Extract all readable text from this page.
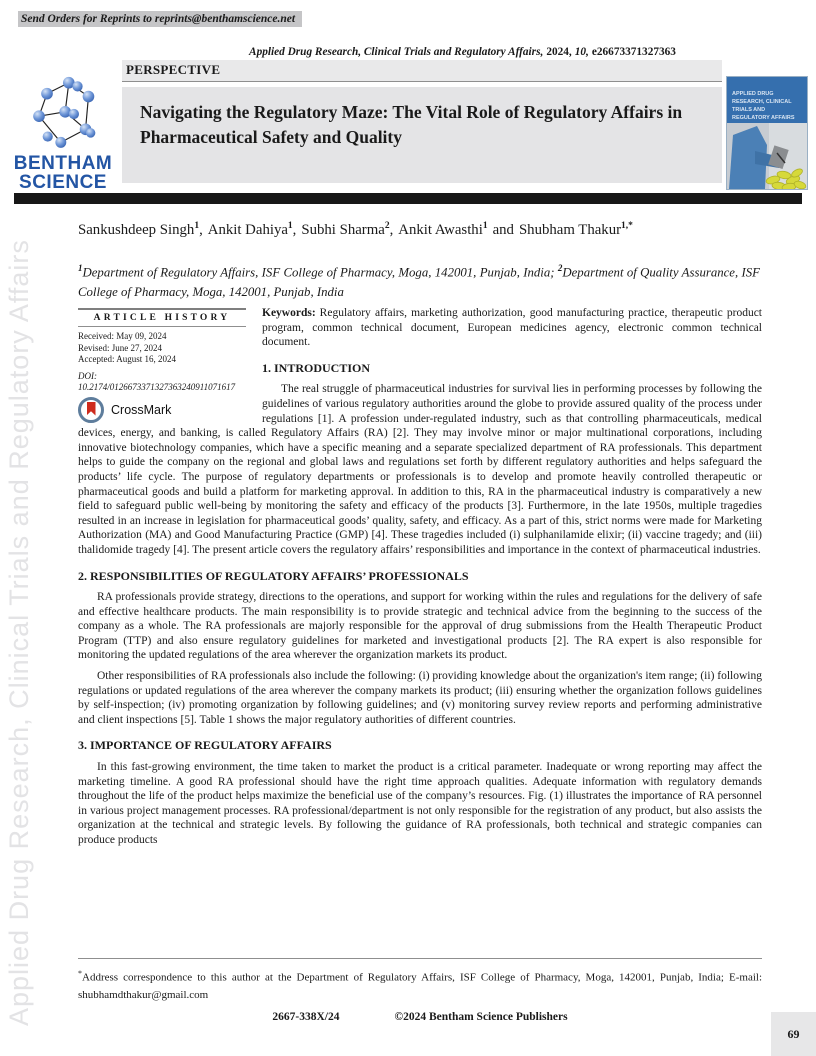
Applied Drug Research, Clinical Trials and Regulatory Affairs
Send Orders for Reprints to reprints@benthamscience.net
Applied Drug Research, Clinical Trials and Regulatory Affairs, 2024, 10, e26673371327363
BENTHAM
SCIENCE
PERSPECTIVE
Navigating the Regulatory Maze: The Vital Role of Regulatory Affairs in Pharmaceutical Safety and Quality
APPLIED DRUG RESEARCH, CLINICAL TRIALS AND REGULATORY AFFAIRS
Sankushdeep Singh$^1$, Ankit Dahiya$^1$, Subhi Sharma$^2$, Ankit Awasthi$^1$ and Shubham Thakur$^{1,*}$
$^1$Department of Regulatory Affairs, ISF College of Pharmacy, Moga, 142001, Punjab, India; $^2$Department of Quality Assurance, ISF College of Pharmacy, Moga, 142001, Punjab, India
ARTICLE HISTORY
Received: May 09, 2024
Revised: June 27, 2024
Accepted: August 16, 2024
DOI:
10.2174/0126673371327363240911071617
CrossMark

Keywords: Regulatory affairs, marketing authorization, good manufacturing practice, therapeutic product program, common technical document, European medicines agency, electronic common technical document.

1. INTRODUCTION

The real struggle of pharmaceutical industries for survival lies in performing processes by following the guidelines of various regulatory authorities around the globe to provide assured quality of the process under regulations [1]. A profession under-regulated industry, such as that controlling pharmaceuticals, medical devices, energy, and banking, is called Regulatory Affairs (RA) [2]. They may involve minor or major multinational corporations, including innovative biotechnology companies, which have a specific meaning and a separate specialized department of RA professionals. This department helps to guide the company on the regional and global laws and regulations set forth by different regulatory authorities and helps safeguard the products’ life cycle. The purpose of regulatory departments or professionals is to develop and promote heavily controlled therapeutic or pharmaceutical goods and build a platform for marketing approval. In addition to this, RA in the pharmaceutical industry is comparatively a new field to safeguard public well-being by monitoring the safety and efficacy of the products [3]. Furthermore, in the late 1950s, multiple tragedies resulted in an increase in legislation for pharmaceutical goods’ quality, safety, and efficacy. As a part of this, strict norms were made for Marketing Authorization (MA) and Good Manufacturing Practice (GMP) [4]. These tragedies included (i) sulphanilamide elixir; (ii) vaccine tragedy; and (iii) thalidomide tragedy [4]. The present article covers the regulatory affairs’ responsibilities and importance in the context of pharmaceutical industries.

2. RESPONSIBILITIES OF REGULATORY AFFAIRS’ PROFESSIONALS

RA professionals provide strategy, directions to the operations, and support for working within the rules and regulations for the delivery of safe and effective healthcare products. The main responsibility is to provide strategic and technical advice from the beginning to the success of the company as a whole. The RA professionals are majorly responsible for the approval of drug submissions from the Health Therapeutic Product Program (TTP) and also ensure regulatory guidelines for marketed and investigational products [2]. The RA expert is also responsible for monitoring the updated regulations of the area wherever the organization markets its product.

Other responsibilities of RA professionals also include the following: (i) providing knowledge about the organization's item range; (ii) following regulations or updated regulations of the area wherever the company markets its product; (iii) ensuring whether the organization follows guidelines by self-inspection; (iv) promoting organization by following guidelines; and (v) monitoring survey review reports and performing administrative and client inspections [5]. Table 1 shows the major regulatory authorities of different countries.

3. IMPORTANCE OF REGULATORY AFFAIRS

In this fast-growing environment, the time taken to market the product is a critical parameter. Inadequate or wrong reporting may affect the marketing timeline. A good RA professional should have the right time approach qualities. Adequate information with regulatory demands throughout the life of the product helps maximize the beneficial use of the company’s resources. Fig. (1) illustrates the importance of RA personnel in various project management processes. RA professional/department is not only responsible for the registration of any product, but also assists the organization at the technical and strategic levels. By following the guidance of RA professionals, both technical and strategic companies can produce products

*Address correspondence to this author at the Department of Regulatory Affairs, ISF College of Pharmacy, Moga, 142001, Punjab, India; E-mail: shubhamdthakur@gmail.com
2667-338X/24	©2024 Bentham Science Publishers
69
